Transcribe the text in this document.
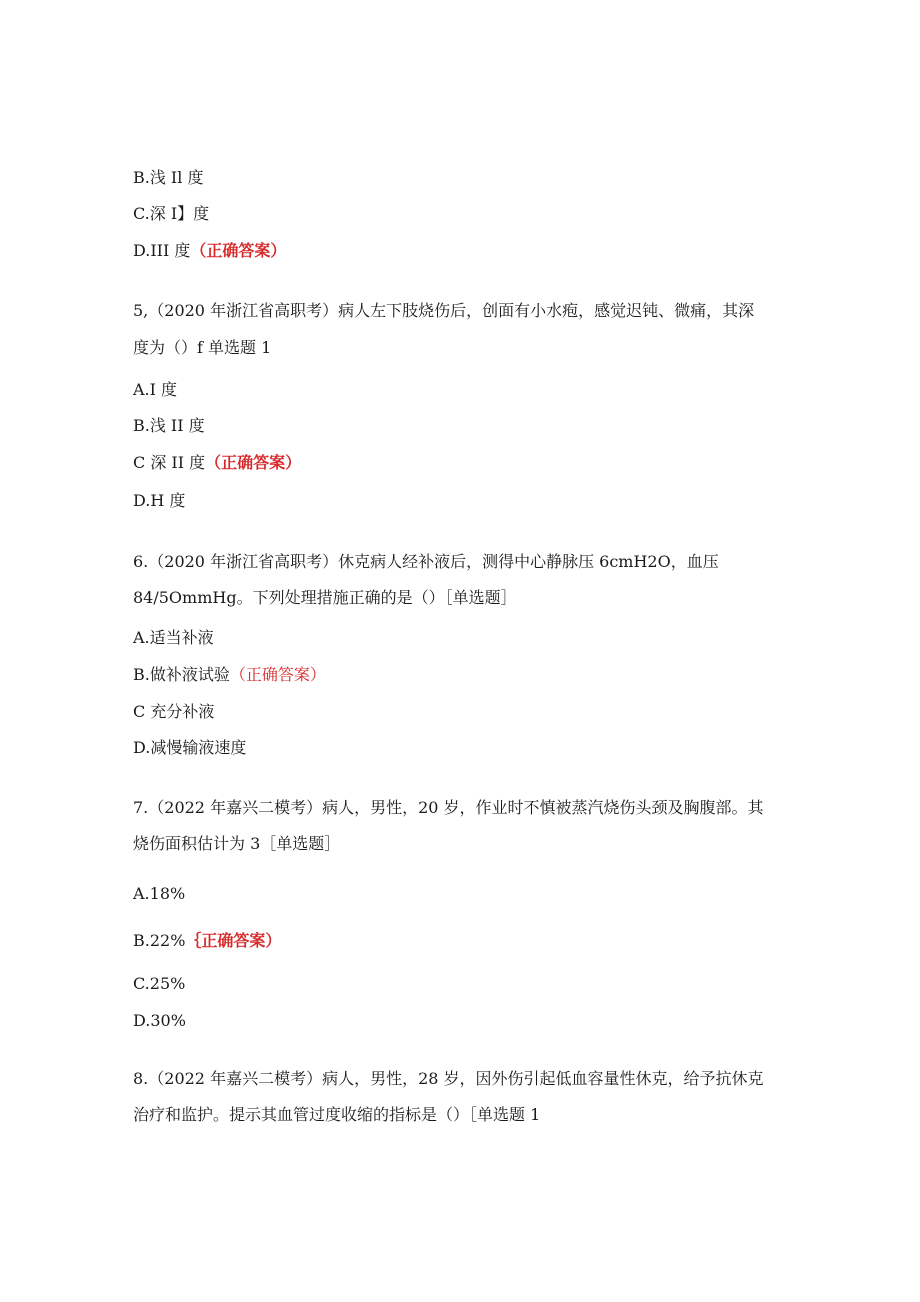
B.浅 Il 度
C.深 I】度
D.III 度（正确答案）
5,（2020 年浙江省高职考）病人左下肢烧伤后，创面有小水疱，感觉迟钝、微痛，其深
度为（）f 单选题 1
A.I 度
B.浅 II 度
C 深 II 度（正确答案）
D.H 度
6.（2020 年浙江省高职考）休克病人经补液后，测得中心静脉压 6cmH2O，血压
84/5OmmHg。下列处理措施正确的是（）［单选题］
A.适当补液
B.做补液试验（正确答案）
C 充分补液
D.减慢输液速度
7.（2022 年嘉兴二模考）病人，男性，20 岁，作业时不慎被蒸汽烧伤头颈及胸腹部。其
烧伤面积估计为 3［单选题］
A.18%
B.22%｛正确答案）
C.25%
D.30%
8.（2022 年嘉兴二模考）病人，男性，28 岁，因外伤引起低血容量性休克，给予抗休克
治疗和监护。提示其血管过度收缩的指标是（）［单选题 1
